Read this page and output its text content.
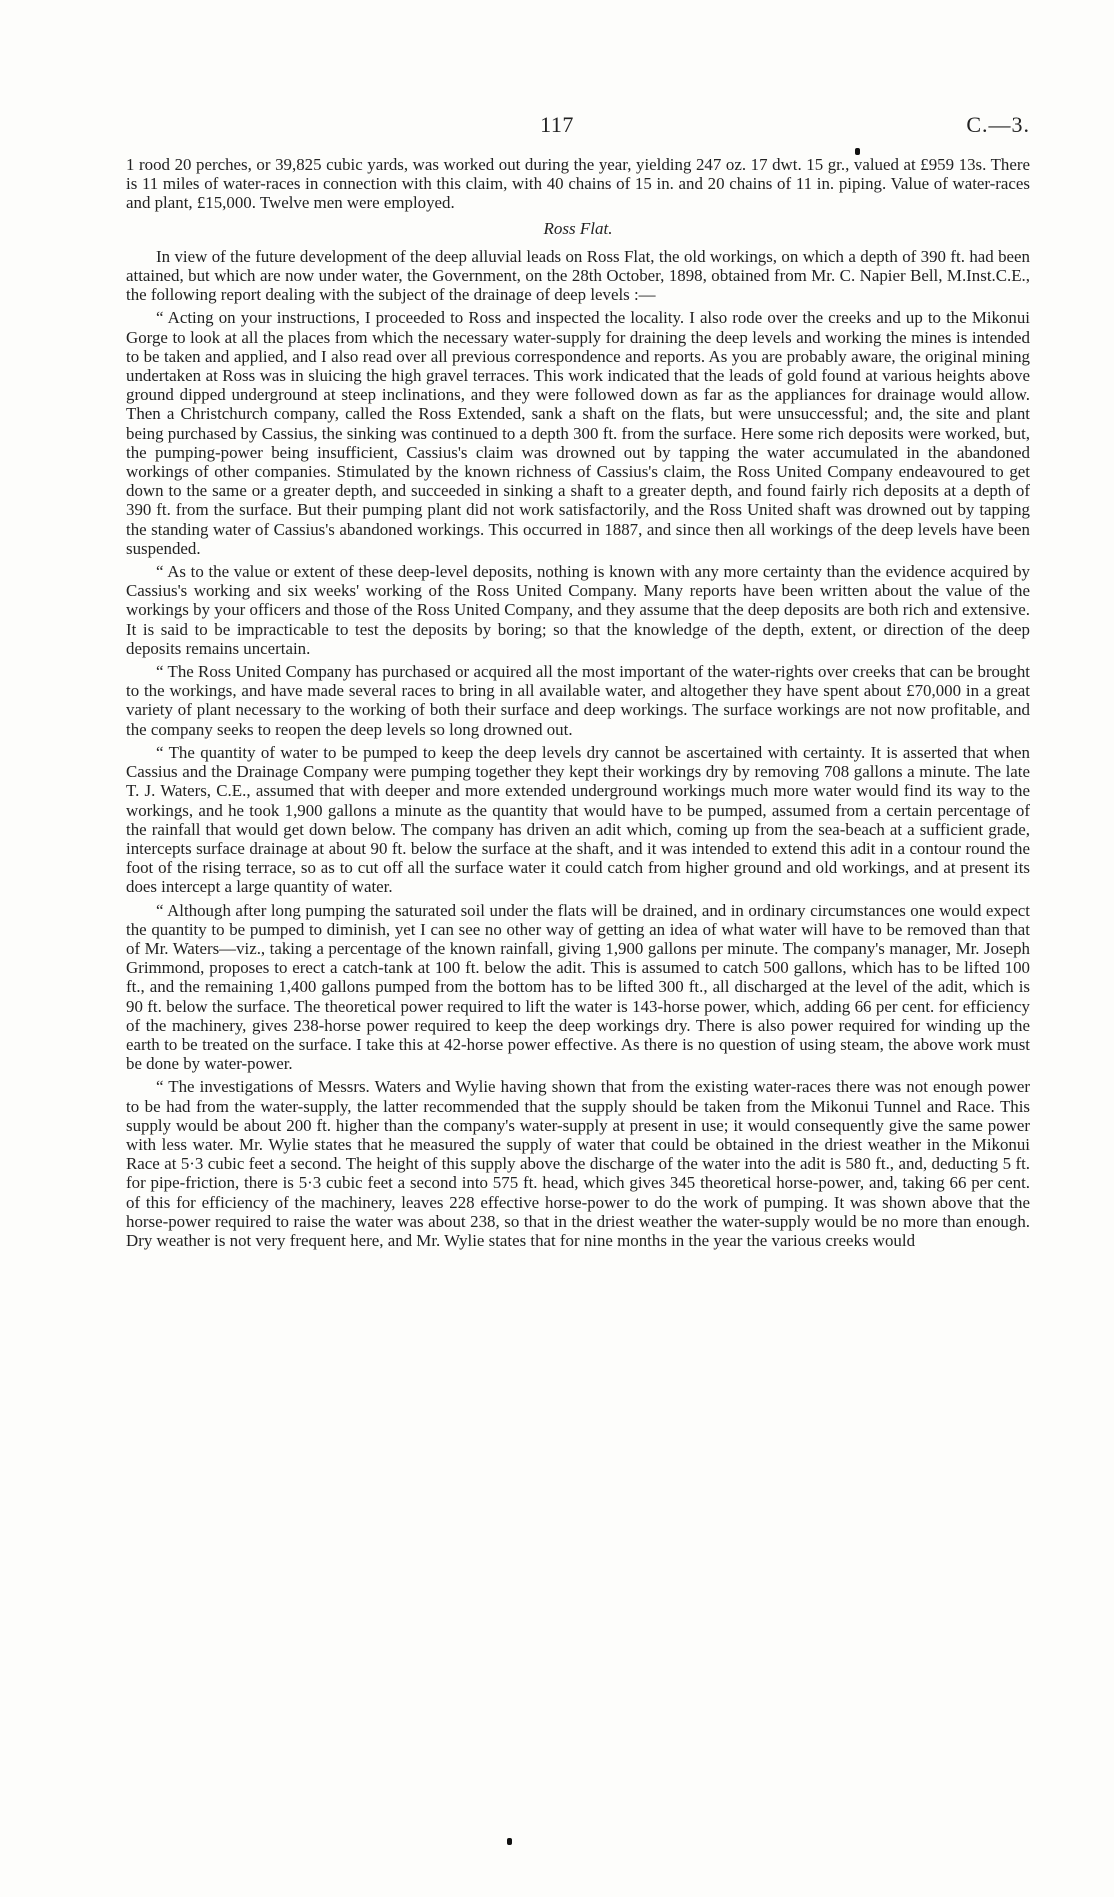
117	C.—3.

1 rood 20 perches, or 39,825 cubic yards, was worked out during the year, yielding 247 oz. 17 dwt. 15 gr., valued at £959 13s. There is 11 miles of water-races in connection with this claim, with 40 chains of 15 in. and 20 chains of 11 in. piping. Value of water-races and plant, £15,000. Twelve men were employed.

Ross Flat.

In view of the future development of the deep alluvial leads on Ross Flat, the old workings, on which a depth of 390 ft. had been attained, but which are now under water, the Government, on the 28th October, 1898, obtained from Mr. C. Napier Bell, M.Inst.C.E., the following report dealing with the subject of the drainage of deep levels :—

“ Acting on your instructions, I proceeded to Ross and inspected the locality. I also rode over the creeks and up to the Mikonui Gorge to look at all the places from which the necessary water-supply for draining the deep levels and working the mines is intended to be taken and applied, and I also read over all previous correspondence and reports. As you are probably aware, the original mining undertaken at Ross was in sluicing the high gravel terraces. This work indicated that the leads of gold found at various heights above ground dipped underground at steep inclinations, and they were followed down as far as the appliances for drainage would allow. Then a Christchurch company, called the Ross Extended, sank a shaft on the flats, but were unsuccessful; and, the site and plant being purchased by Cassius, the sinking was continued to a depth 300 ft. from the surface. Here some rich deposits were worked, but, the pumping-power being insufficient, Cassius's claim was drowned out by tapping the water accumulated in the abandoned workings of other companies. Stimulated by the known richness of Cassius's claim, the Ross United Company endeavoured to get down to the same or a greater depth, and succeeded in sinking a shaft to a greater depth, and found fairly rich deposits at a depth of 390 ft. from the surface. But their pumping plant did not work satisfactorily, and the Ross United shaft was drowned out by tapping the standing water of Cassius's abandoned workings. This occurred in 1887, and since then all workings of the deep levels have been suspended.

“ As to the value or extent of these deep-level deposits, nothing is known with any more certainty than the evidence acquired by Cassius's working and six weeks' working of the Ross United Company. Many reports have been written about the value of the workings by your officers and those of the Ross United Company, and they assume that the deep deposits are both rich and extensive. It is said to be impracticable to test the deposits by boring; so that the knowledge of the depth, extent, or direction of the deep deposits remains uncertain.

“ The Ross United Company has purchased or acquired all the most important of the water-rights over creeks that can be brought to the workings, and have made several races to bring in all available water, and altogether they have spent about £70,000 in a great variety of plant necessary to the working of both their surface and deep workings. The surface workings are not now profitable, and the company seeks to reopen the deep levels so long drowned out.

“ The quantity of water to be pumped to keep the deep levels dry cannot be ascertained with certainty. It is asserted that when Cassius and the Drainage Company were pumping together they kept their workings dry by removing 708 gallons a minute. The late T. J. Waters, C.E., assumed that with deeper and more extended underground workings much more water would find its way to the workings, and he took 1,900 gallons a minute as the quantity that would have to be pumped, assumed from a certain percentage of the rainfall that would get down below. The company has driven an adit which, coming up from the sea-beach at a sufficient grade, intercepts surface drainage at about 90 ft. below the surface at the shaft, and it was intended to extend this adit in a contour round the foot of the rising terrace, so as to cut off all the surface water it could catch from higher ground and old workings, and at present its does intercept a large quantity of water.

“ Although after long pumping the saturated soil under the flats will be drained, and in ordinary circumstances one would expect the quantity to be pumped to diminish, yet I can see no other way of getting an idea of what water will have to be removed than that of Mr. Waters—viz., taking a percentage of the known rainfall, giving 1,900 gallons per minute. The company's manager, Mr. Joseph Grimmond, proposes to erect a catch-tank at 100 ft. below the adit. This is assumed to catch 500 gallons, which has to be lifted 100 ft., and the remaining 1,400 gallons pumped from the bottom has to be lifted 300 ft., all discharged at the level of the adit, which is 90 ft. below the surface. The theoretical power required to lift the water is 143-horse power, which, adding 66 per cent. for efficiency of the machinery, gives 238-horse power required to keep the deep workings dry. There is also power required for winding up the earth to be treated on the surface. I take this at 42-horse power effective. As there is no question of using steam, the above work must be done by water-power.

“ The investigations of Messrs. Waters and Wylie having shown that from the existing water-races there was not enough power to be had from the water-supply, the latter recommended that the supply should be taken from the Mikonui Tunnel and Race. This supply would be about 200 ft. higher than the company's water-supply at present in use; it would consequently give the same power with less water. Mr. Wylie states that he measured the supply of water that could be obtained in the driest weather in the Mikonui Race at 5·3 cubic feet a second. The height of this supply above the discharge of the water into the adit is 580 ft., and, deducting 5 ft. for pipe-friction, there is 5·3 cubic feet a second into 575 ft. head, which gives 345 theoretical horse-power, and, taking 66 per cent. of this for efficiency of the machinery, leaves 228 effective horse-power to do the work of pumping. It was shown above that the horse-power required to raise the water was about 238, so that in the driest weather the water-supply would be no more than enough. Dry weather is not very frequent here, and Mr. Wylie states that for nine months in the year the various creeks would
